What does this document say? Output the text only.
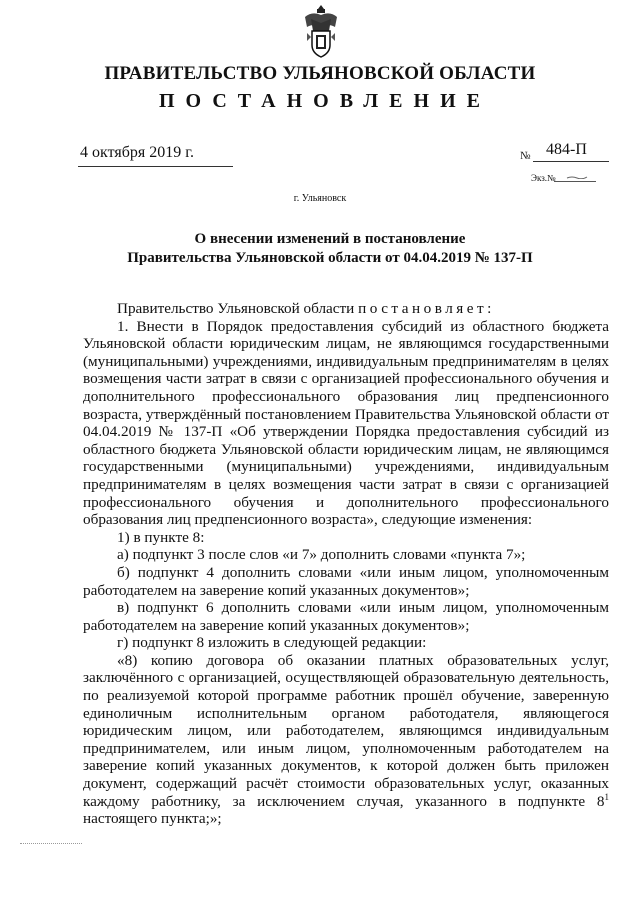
ПРАВИТЕЛЬСТВО УЛЬЯНОВСКОЙ ОБЛАСТИ
ПОСТАНОВЛЕНИЕ
4 октября 2019 г.	№ 484-П
Экз.№
г. Ульяновск
О внесении изменений в постановление
Правительства Ульяновской области от 04.04.2019 № 137-П

Правительство Ульяновской области постановляет:

1. Внести в Порядок предоставления субсидий из областного бюджета Ульяновской области юридическим лицам, не являющимся государственными (муниципальными) учреждениями, индивидуальным предпринимателям в целях возмещения части затрат в связи с организацией профессионального обучения и дополнительного профессионального образования лиц предпенсионного возраста, утверждённый постановлением Правительства Ульяновской области от 04.04.2019 № 137-П «Об утверждении Порядка предоставления субсидий из областного бюджета Ульяновской области юридическим лицам, не являющимся государственными (муниципальными) учреждениями, индивидуальным предпринимателям в целях возмещения части затрат в связи с организацией профессионального обучения и дополнительного профессионального образования лиц предпенсионного возраста», следующие изменения:

1) в пункте 8:

а) подпункт 3 после слов «и 7» дополнить словами «пункта 7»;

б) подпункт 4 дополнить словами «или иным лицом, уполномоченным работодателем на заверение копий указанных документов»;

в) подпункт 6 дополнить словами «или иным лицом, уполномоченным работодателем на заверение копий указанных документов»;

г) подпункт 8 изложить в следующей редакции:

«8) копию договора об оказании платных образовательных услуг, заключённого с организацией, осуществляющей образовательную деятельность, по реализуемой которой программе работник прошёл обучение, заверенную единоличным исполнительным органом работодателя, являющегося юридическим лицом, или работодателем, являющимся индивидуальным предпринимателем, или иным лицом, уполномоченным работодателем на заверение копий указанных документов, к которой должен быть приложен документ, содержащий расчёт стоимости образовательных услуг, оказанных каждому работнику, за исключением случая, указанного в подпункте $8^1$ настоящего пункта;»;
